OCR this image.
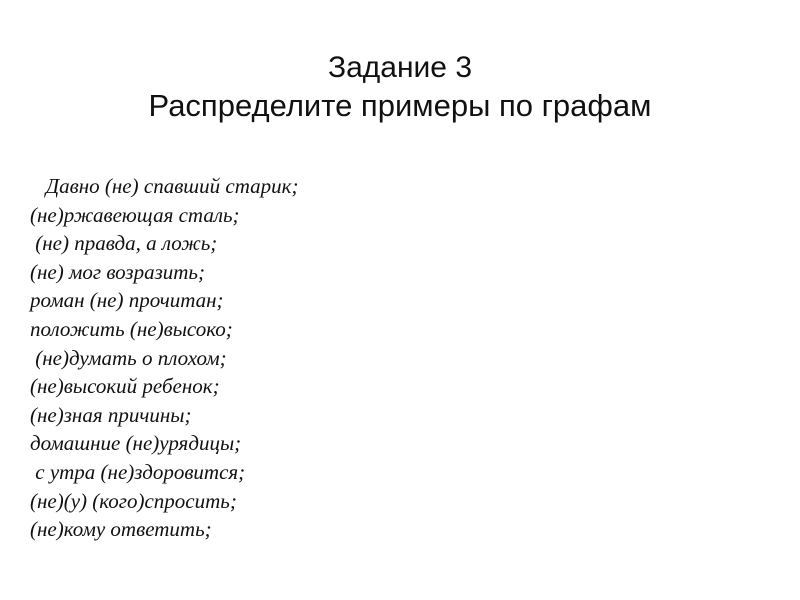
Задание 3
Распределите примеры по графам
Давно (не) спавший старик;
(не)ржавеющая сталь;
(не) правда, а ложь;
(не) мог возразить;
роман (не) прочитан;
положить (не)высоко;
(не)думать о плохом;
(не)высокий ребенок;
(не)зная причины;
домашние (не)урядицы;
с утра (не)здоровится;
(не)(у) (кого)спросить;
(не)кому ответить;
